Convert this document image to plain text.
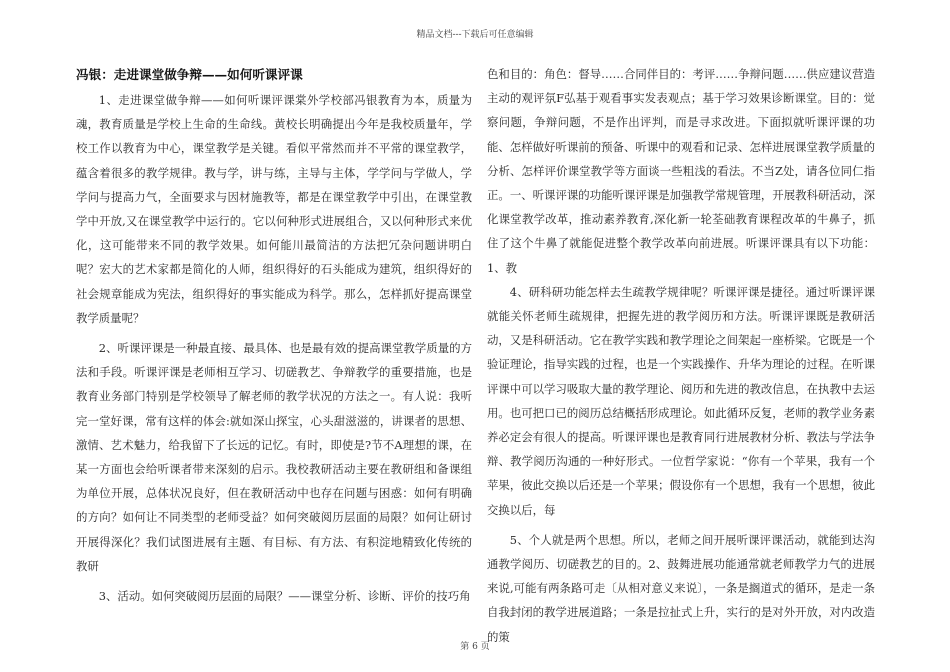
精品文档---下载后可任意编辑
冯银：走进课堂做争辩——如何听课评课

1、走进课堂做争辩——如何听课评课棠外学校部冯银教育为本，质量为魂，教育质量是学校上生命的生命线。黄校长明确提出今年是我校质量年，学校工作以教育为中心，课堂教学是关键。看似平常然而并不平常的课堂教学，蕴含着很多的教学规律。教与学，讲与练，主导与主体，学学问与学做人，学学问与提高力气，全面要求与因材施教等，都是在课堂教学中引出，在课堂教学中开放,又在课堂教学中运行的。它以何种形式进展组合，又以何种形式来优化，这可能带来不同的教学效果。如何能川最简洁的方法把冗杂问题讲明白呢？宏大的艺术家都是简化的人师，组织得好的石头能成为建筑，组织得好的社会规章能成为宪法，组织得好的事实能成为科学。那么，怎样抓好提高课堂教学质量呢？

2、听课评课是一种最直接、最具体、也是最有效的提高课堂教学质量的方法和手段。听课评课是老师相互学习、切磋教艺、争辩教学的重要措施，也是教育业务部门特别是学校领导了解老师的教学状况的方法之一。有人说：我听完一堂好课，常有这样的体会:就如深山探宝，心头甜滋滋的，讲课者的思想、激情、艺术魅力，给我留下了长远的记忆。有时，即使是?节不A理想的课，在某一方面也会给听课者带来深刻的启示。我校教研活动主要在教研组和备课组为单位开展，总体状况良好，但在教研活动中也存在问题与困惑：如何有明确的方向？如何让不同类型的老师受益？如何突破阅历层面的局限？如何让研讨开展得深化？我们试图进展有主题、有目标、有方法、有积淀地精致化传统的教研

3、活动。如何突破阅历层面的局限？——课堂分析、诊断、评价的技巧角

色和目的：角色：督导……合同伴目的：考评……争辩问题……供应建议营造主动的观评氛F弘基于观看事实发表观点；基于学习效果诊断课堂。目的：觉察问题，争辩问题，不是作出评判，而是寻求改进。下面拟就听课评课的功能、怎样做好听课前的预备、听课中的观看和记录、怎样进展课堂教学质量的分析、怎样评价课堂教学等方面谈一些粗浅的看法。不当Z处，请各位同仁指正。一、听课评课的功能听课评课是加强教学常规管理，开展教科研活动，深化课堂教学改革，推动素养教育,深化新一轮荃础教育课程改革的牛鼻子，抓住了这个牛鼻了就能促进整个教学改革向前进展。听课评课具有以下功能：1、教

4、研科研功能怎样去生疏教学规律呢？听课评课是捷径。通过听课评课就能关怀老师生疏规律，把握先进的教学阅历和方法。听课评课既是教研活动，又是科研活动。它在教学实践和教学理论之间架起一座桥梁。它既是一个验证理论，指导实践的过程，也是一个实践操作、升华为理论的过程。在听课评课中可以学习吸取大量的教学理论、阅历和先进的教改信息，在执教中去运用。也可把口已的阅历总结概括形成理论。如此循环反复，老师的教学业务素养必定会有很人的提高。听课评课也是教育同行进展教材分析、教法与学法争辩、教学阅历沟通的一种好形式。一位哲学家说：“你有一个苹果，我有一个苹果，彼此交换以后还是一个苹果；假设你有一个思想，我有一个思想，彼此交换以后，每

5、个人就是两个思想。所以，老师之间开展听课评课活动，就能到达沟通教学阅历、切磋教艺的目的。2、鼓舞进展功能通常就老师教学力气的进展来说,可能有两条路可走〔从相对意义来说〕，一条是搁道式的循环，是走一条自我封闭的教学进展道路；一条是拉扯式上升，实行的是对外开放，对内改造的策

第 6 页
